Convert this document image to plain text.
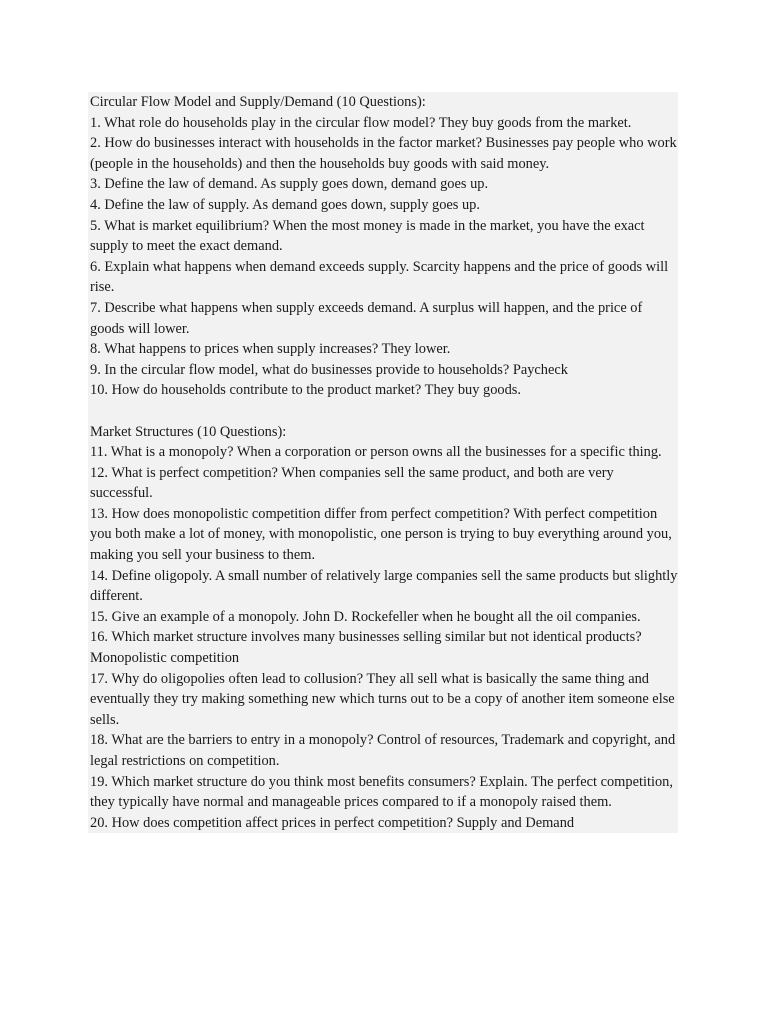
Circular Flow Model and Supply/Demand (10 Questions):

1. What role do households play in the circular flow model? They buy goods from the market.

2. How do businesses interact with households in the factor market? Businesses pay people who work (people in the households) and then the households buy goods with said money.

3. Define the law of demand. As supply goes down, demand goes up.

4. Define the law of supply. As demand goes down, supply goes up.

5. What is market equilibrium? When the most money is made in the market, you have the exact supply to meet the exact demand.

6. Explain what happens when demand exceeds supply. Scarcity happens and the price of goods will rise.

7. Describe what happens when supply exceeds demand. A surplus will happen, and the price of goods will lower.

8. What happens to prices when supply increases? They lower.

9. In the circular flow model, what do businesses provide to households? Paycheck

10. How do households contribute to the product market? They buy goods.

Market Structures (10 Questions):

11. What is a monopoly? When a corporation or person owns all the businesses for a specific thing.

12. What is perfect competition? When companies sell the same product, and both are very successful.

13. How does monopolistic competition differ from perfect competition? With perfect competition you both make a lot of money, with monopolistic, one person is trying to buy everything around you, making you sell your business to them.

14. Define oligopoly. A small number of relatively large companies sell the same products but slightly different.

15. Give an example of a monopoly. John D. Rockefeller when he bought all the oil companies.

16. Which market structure involves many businesses selling similar but not identical products? Monopolistic competition

17. Why do oligopolies often lead to collusion? They all sell what is basically the same thing and eventually they try making something new which turns out to be a copy of another item someone else sells.

18. What are the barriers to entry in a monopoly? Control of resources, Trademark and copyright, and legal restrictions on competition.

19. Which market structure do you think most benefits consumers? Explain. The perfect competition, they typically have normal and manageable prices compared to if a monopoly raised them.

20. How does competition affect prices in perfect competition? Supply and Demand
